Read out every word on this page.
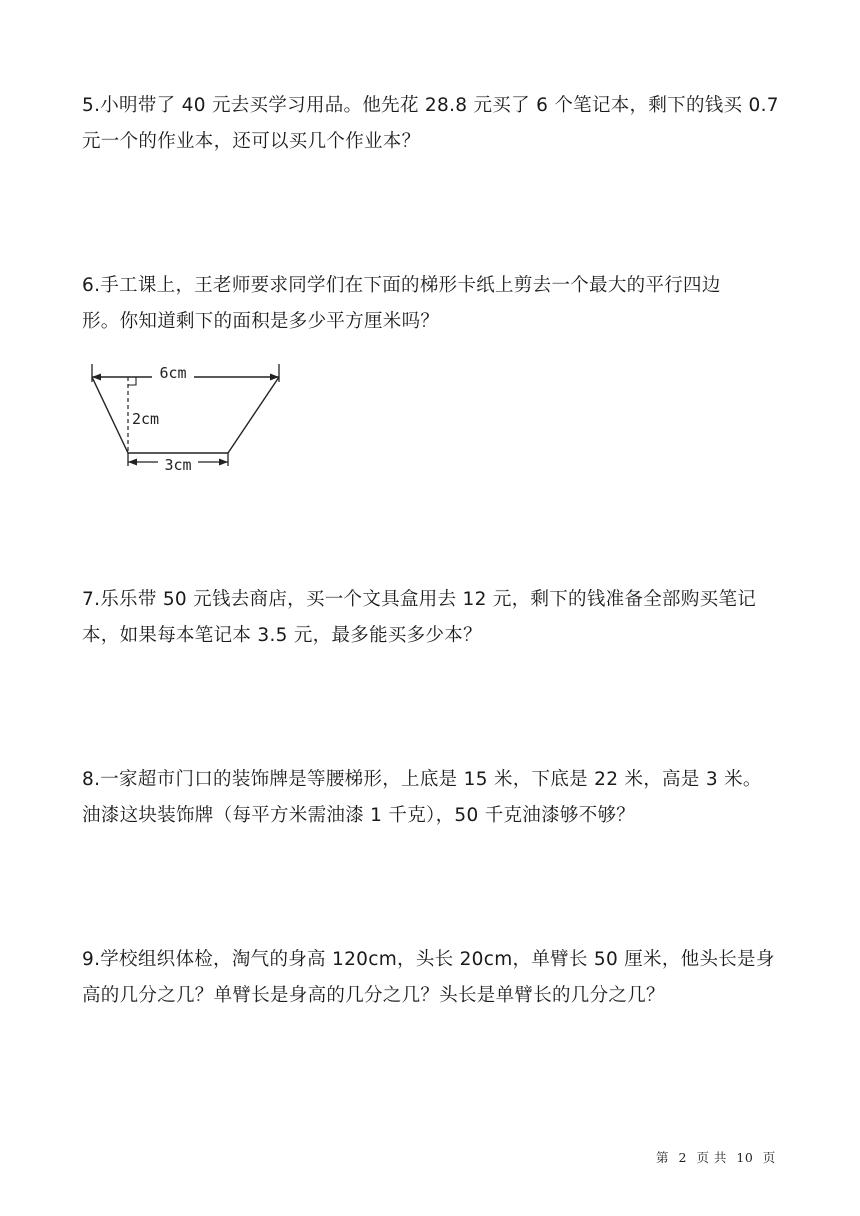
5.小明带了 40 元去买学习用品。他先花 28.8 元买了 6 个笔记本，剩下的钱买 0.7

元一个的作业本，还可以买几个作业本？

6.手工课上，王老师要求同学们在下面的梯形卡纸上剪去一个最大的平行四边

形。你知道剩下的面积是多少平方厘米吗？

6cm
2cm
3cm

7.乐乐带 50 元钱去商店，买一个文具盒用去 12 元，剩下的钱准备全部购买笔记

本，如果每本笔记本 3.5 元，最多能买多少本？

8.一家超市门口的装饰牌是等腰梯形，上底是 15 米，下底是 22 米，高是 3 米。

油漆这块装饰牌（每平方米需油漆 1 千克），50 千克油漆够不够？

9.学校组织体检，淘气的身高 120cm，头长 20cm，单臂长 50 厘米，他头长是身

高的几分之几？单臂长是身高的几分之几？头长是单臂长的几分之几？

第 2 页 共 10 页
